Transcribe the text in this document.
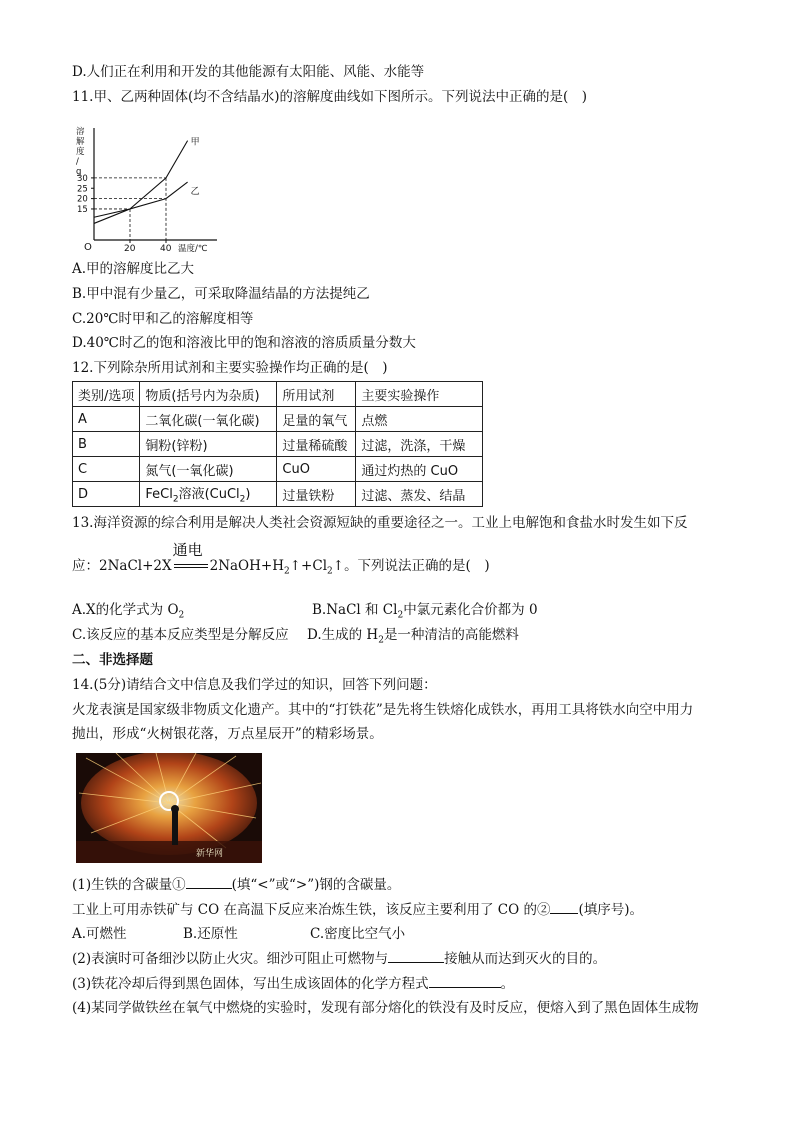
D.人们正在利用和开发的其他能源有太阳能、风能、水能等
11.甲、乙两种固体(均不含结晶水)的溶解度曲线如下图所示。下列说法中正确的是(　)
溶
解
度
/
g
O	20	40 温度/℃
15
20
25
30
甲
乙
A.甲的溶解度比乙大
B.甲中混有少量乙，可采取降温结晶的方法提纯乙
C.20℃时甲和乙的溶解度相等
D.40℃时乙的饱和溶液比甲的饱和溶液的溶质质量分数大
12.下列除杂所用试剂和主要实验操作均正确的是(　)
类别/选项	物质(括号内为杂质)	所用试剂	主要实验操作
A	二氧化碳(一氧化碳)	足量的氧气	点燃
B	铜粉(锌粉)	过量稀硫酸	过滤，洗涤，干燥
C	氮气(一氧化碳)	CuO	通过灼热的 CuO
D	FeCl$_2$溶液(CuCl$_2$)	过量铁粉	过滤、蒸发、结晶
13.海洋资源的综合利用是解决人类社会资源短缺的重要途径之一。工业上电解饱和食盐水时发生如下反
应：2NaCl+2X
通电
$2NaOH+H_2↑+Cl_2↑$。下列说法正确的是(　)
A.X的化学式为 $O_2$	B.NaCl 和 $Cl_2$中氯元素化合价都为 0
C.该反应的基本反应类型是分解反应 D.生成的 $H_2$是一种清洁的高能燃料
二、非选择题
14.(5分)请结合文中信息及我们学过的知识，回答下列问题：
火龙表演是国家级非物质文化遗产。其中的“打铁花”是先将生铁熔化成铁水，再用工具将铁水向空中用力
抛出，形成“火树银花落，万点星辰开”的精彩场景。
新华网
(1)生铁的含碳量①	(填“<”或“>”)钢的含碳量。
工业上可用赤铁矿与 CO 在高温下反应来冶炼生铁，该反应主要利用了 CO 的② (填序号)。
A.可燃性	B.还原性	C.密度比空气小
(2)表演时可备细沙以防止火灾。细沙可阻止可燃物与	接触从而达到灭火的目的。
(3)铁花冷却后得到黑色固体，写出生成该固体的化学方程式	。
(4)某同学做铁丝在氧气中燃烧的实验时，发现有部分熔化的铁没有及时反应，便熔入到了黑色固体生成物
